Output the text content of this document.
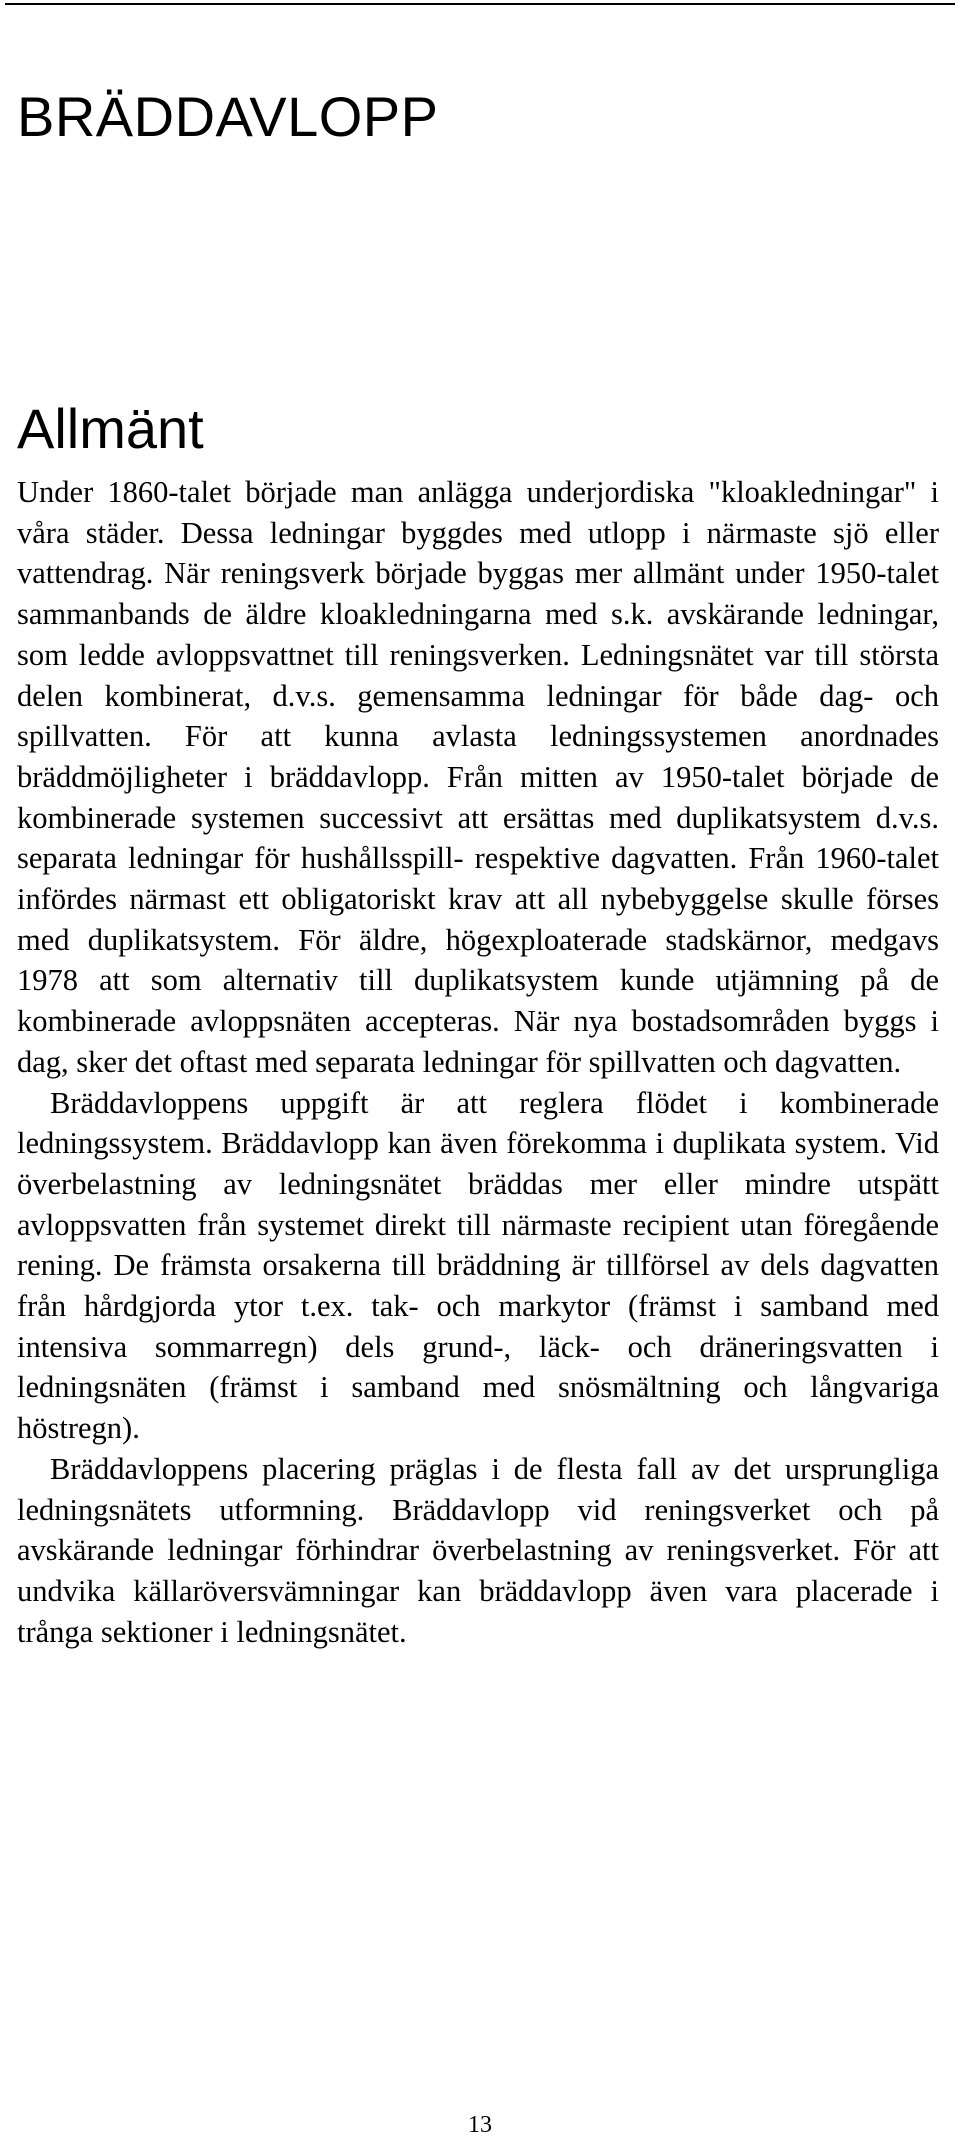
BRÄDDAVLOPP
Allmänt

Under 1860-talet började man anlägga underjordiska "kloakledningar" i våra städer. Dessa ledningar byggdes med utlopp i närmaste sjö eller vattendrag. När reningsverk började byggas mer allmänt under 1950-talet sammanbands de äldre kloakledningarna med s.k. avskärande ledningar, som ledde avloppsvattnet till reningsverken. Ledningsnätet var till största delen kombinerat, d.v.s. gemensamma ledningar för både dag- och spillvatten. För att kunna avlasta ledningssystemen anordnades bräddmöjligheter i bräddavlopp. Från mitten av 1950-talet började de kombinerade systemen successivt att ersättas med duplikatsystem d.v.s. separata ledningar för hushållsspill- respektive dagvatten. Från 1960-talet infördes närmast ett obligatoriskt krav att all nybebyggelse skulle förses med duplikatsystem. För äldre, högexploaterade stadskärnor, medgavs 1978 att som alternativ till duplikatsystem kunde utjämning på de kombinerade avloppsnäten accepteras. När nya bostadsområden byggs i dag, sker det oftast med separata ledningar för spillvatten och dagvatten.

Bräddavloppens uppgift är att reglera flödet i kombinerade ledningssystem. Bräddavlopp kan även förekomma i duplikata system. Vid överbelastning av ledningsnätet bräddas mer eller mindre utspätt avloppsvatten från systemet direkt till närmaste recipient utan föregående rening. De främsta orsakerna till bräddning är tillförsel av dels dagvatten från hårdgjorda ytor t.ex. tak- och markytor (främst i samband med intensiva sommarregn) dels grund-, läck- och dräneringsvatten i ledningsnäten (främst i samband med snösmältning och långvariga höstregn).

Bräddavloppens placering präglas i de flesta fall av det ursprungliga ledningsnätets utformning. Bräddavlopp vid reningsverket och på avskärande ledningar förhindrar överbelastning av reningsverket. För att undvika källaröversvämningar kan bräddavlopp även vara placerade i trånga sektioner i ledningsnätet.

13
